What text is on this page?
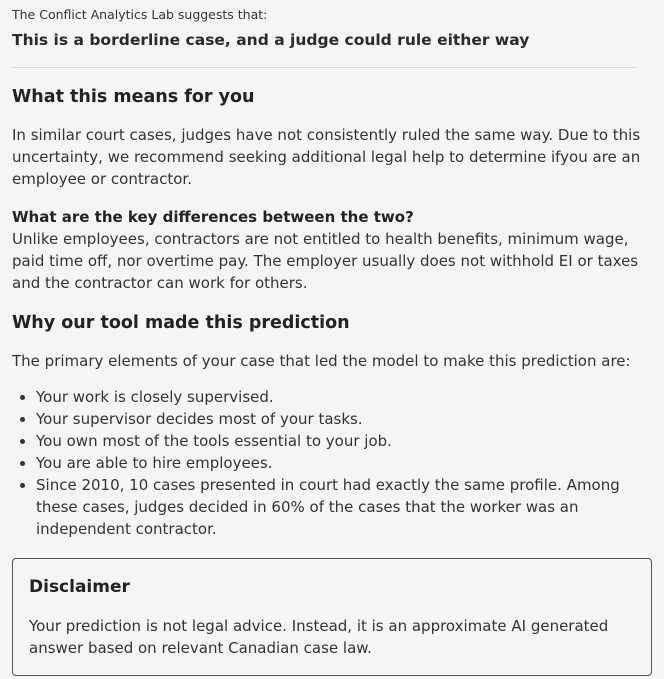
The Conflict Analytics Lab suggests that:
This is a borderline case, and a judge could rule either way
What this means for you

In similar court cases, judges have not consistently ruled the same way. Due to this uncertainty, we recommend seeking additional legal help to determine ifyou are an employee or contractor.

What are the key differences between the two?

Unlike employees, contractors are not entitled to health benefits, minimum wage, paid time off, nor overtime pay. The employer usually does not withhold EI or taxes and the contractor can work for others.

Why our tool made this prediction

The primary elements of your case that led the model to make this prediction are:

• Your work is closely supervised.
• Your supervisor decides most of your tasks.
• You own most of the tools essential to your job.
• You are able to hire employees.
• Since 2010, 10 cases presented in court had exactly the same profile. Among these cases, judges decided in 60% of the cases that the worker was an independent contractor.
Disclaimer
Your prediction is not legal advice. Instead, it is an approximate AI generated answer based on relevant Canadian case law.
